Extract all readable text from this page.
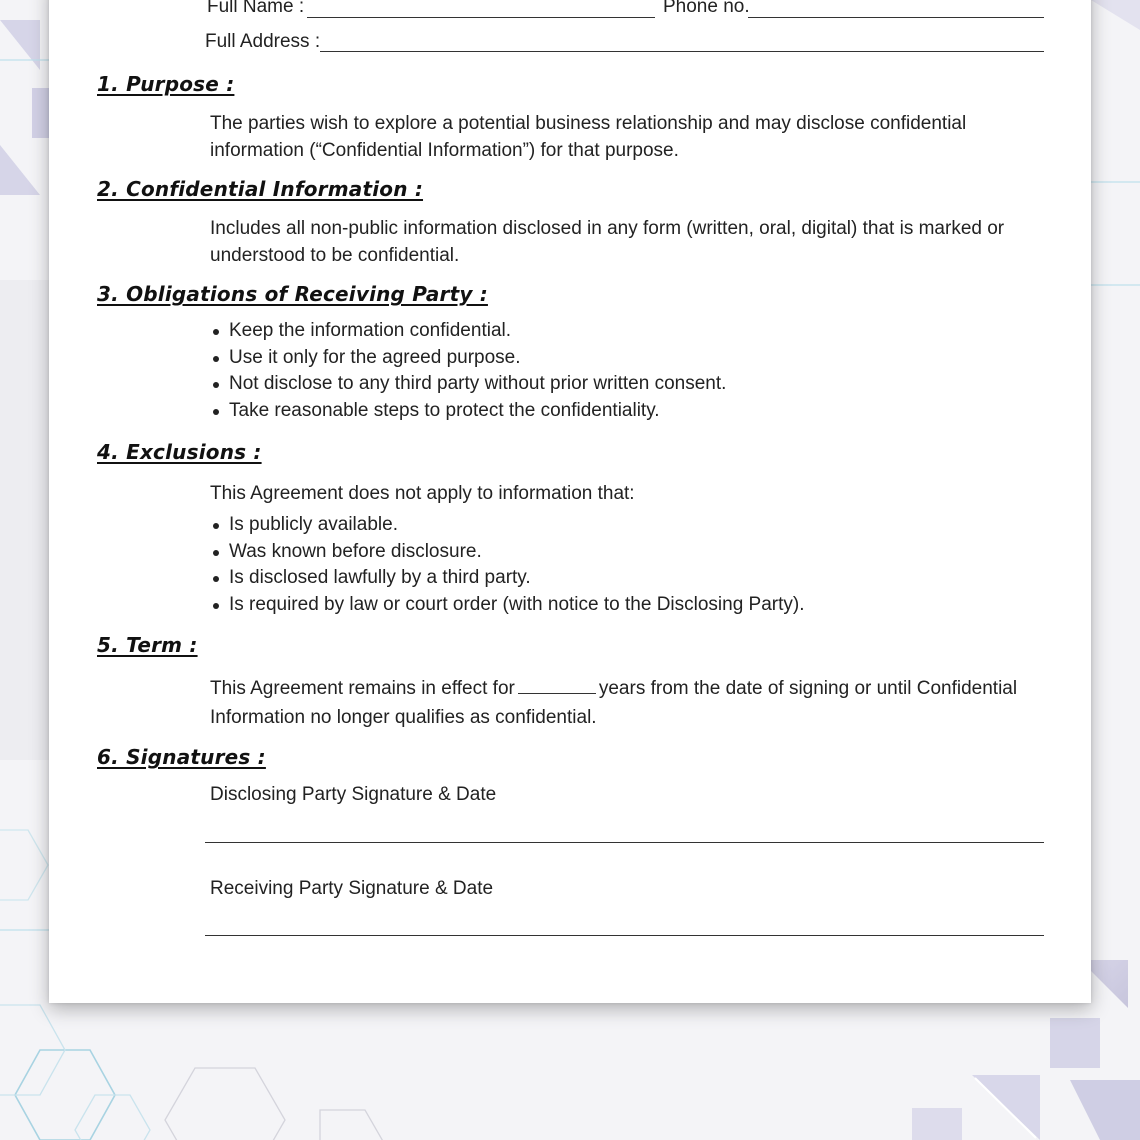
Full Name :	Phone no.
Full Address :
1. Purpose :
The parties wish to explore a potential business relationship and may disclose confidential information (“Confidential Information”) for that purpose.
2. Confidential Information :
Includes all non-public information disclosed in any form (written, oral, digital) that is marked or understood to be confidential.
3. Obligations of Receiving Party :
Keep the information confidential.
Use it only for the agreed purpose.
Not disclose to any third party without prior written consent.
Take reasonable steps to protect the confidentiality.
4. Exclusions :
This Agreement does not apply to information that:
Is publicly available.
Was known before disclosure.
Is disclosed lawfully by a third party.
Is required by law or court order (with notice to the Disclosing Party).
5. Term :
This Agreement remains in effect for	years from the date of signing or until Confidential Information no longer qualifies as confidential.
6. Signatures :
Disclosing Party Signature & Date
Receiving Party Signature & Date
